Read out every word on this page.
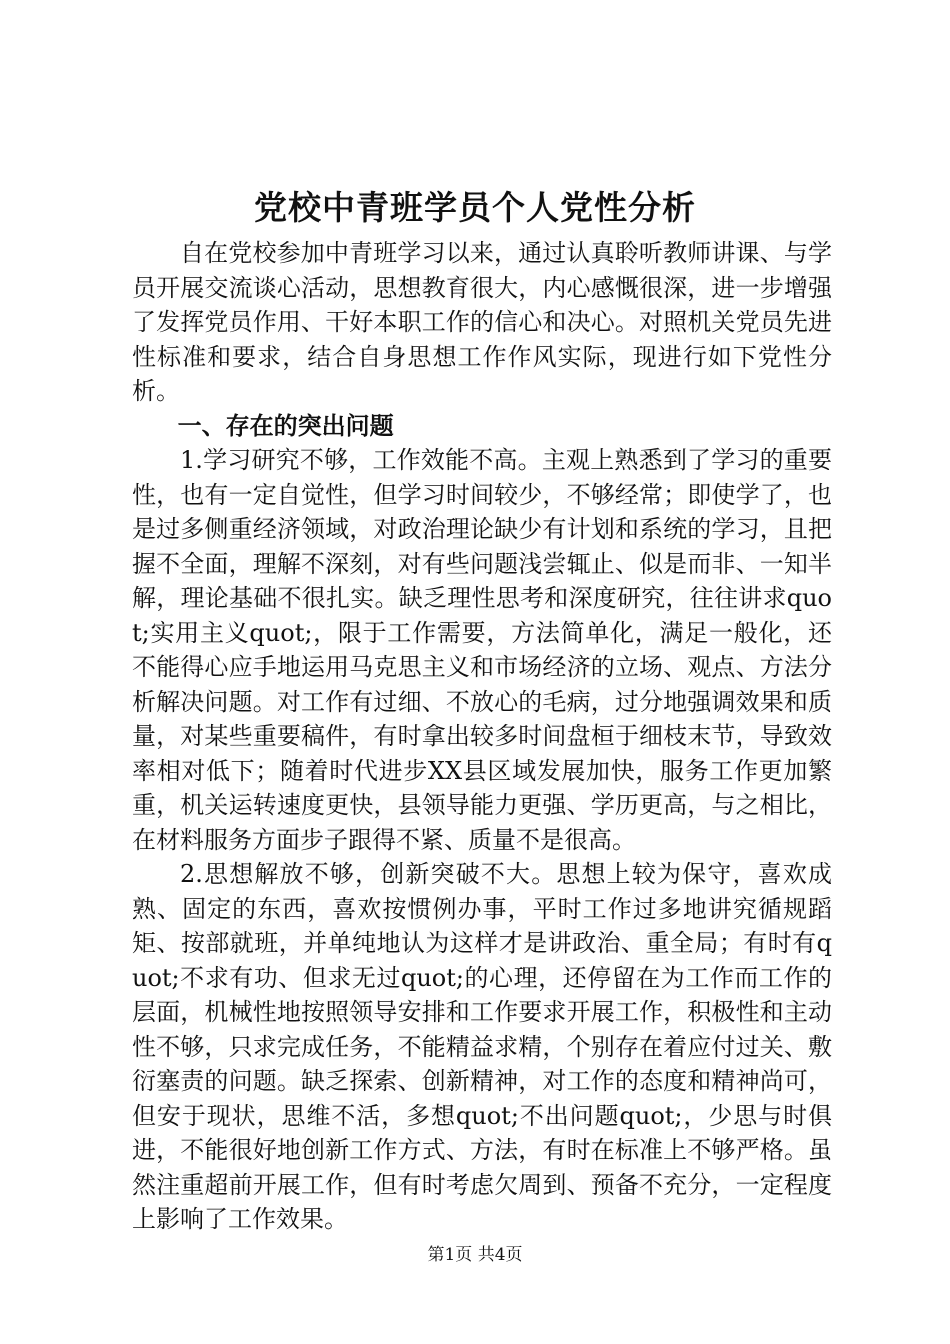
党校中青班学员个人党性分析

自在党校参加中青班学习以来，通过认真聆听教师讲课、与学员开展交流谈心活动，思想教育很大，内心感慨很深，进一步增强了发挥党员作用、干好本职工作的信心和决心。对照机关党员先进性标准和要求，结合自身思想工作作风实际，现进行如下党性分析。

一、存在的突出问题

1.学习研究不够，工作效能不高。主观上熟悉到了学习的重要性，也有一定自觉性，但学习时间较少，不够经常；即使学了，也是过多侧重经济领域，对政治理论缺少有计划和系统的学习，且把握不全面，理解不深刻，对有些问题浅尝辄止、似是而非、一知半解，理论基础不很扎实。缺乏理性思考和深度研究，往往讲求quot;实用主义quot;，限于工作需要，方法简单化，满足一般化，还不能得心应手地运用马克思主义和市场经济的立场、观点、方法分析解决问题。对工作有过细、不放心的毛病，过分地强调效果和质量，对某些重要稿件，有时拿出较多时间盘桓于细枝末节，导致效率相对低下；随着时代进步XX县区域发展加快，服务工作更加繁重，机关运转速度更快，县领导能力更强、学历更高，与之相比，在材料服务方面步子跟得不紧、质量不是很高。

2.思想解放不够，创新突破不大。思想上较为保守，喜欢成熟、固定的东西，喜欢按惯例办事，平时工作过多地讲究循规蹈矩、按部就班，并单纯地认为这样才是讲政治、重全局；有时有quot;不求有功、但求无过quot;的心理，还停留在为工作而工作的层面，机械性地按照领导安排和工作要求开展工作，积极性和主动性不够，只求完成任务，不能精益求精，个别存在着应付过关、敷衍塞责的问题。缺乏探索、创新精神，对工作的态度和精神尚可，但安于现状，思维不活，多想quot;不出问题quot;，少思与时俱进，不能很好地创新工作方式、方法，有时在标准上不够严格。虽然注重超前开展工作，但有时考虑欠周到、预备不充分，一定程度上影响了工作效果。

第1页 共4页
